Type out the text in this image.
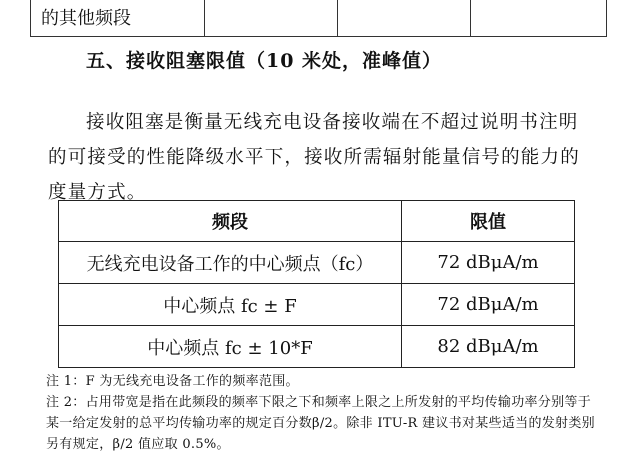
的其他频段			
五、接收阻塞限值（10 米处，准峰值）

接收阻塞是衡量无线充电设备接收端在不超过说明书注明的可接受的性能降级水平下，接收所需辐射能量信号的能力的度量方式。

频段	限值
无线充电设备工作的中心频点（fc）	72 dBμA/m
中心频点 fc ± F	72 dBμA/m
中心频点 fc ± 10*F	82 dBμA/m

注 1：F 为无线充电设备工作的频率范围。

注 2：占用带宽是指在此频段的频率下限之下和频率上限之上所发射的平均传输功率分别等于某一给定发射的总平均传输功率的规定百分数β/2。除非 ITU-R 建议书对某些适当的发射类别另有规定，β/2 值应取 0.5%。
